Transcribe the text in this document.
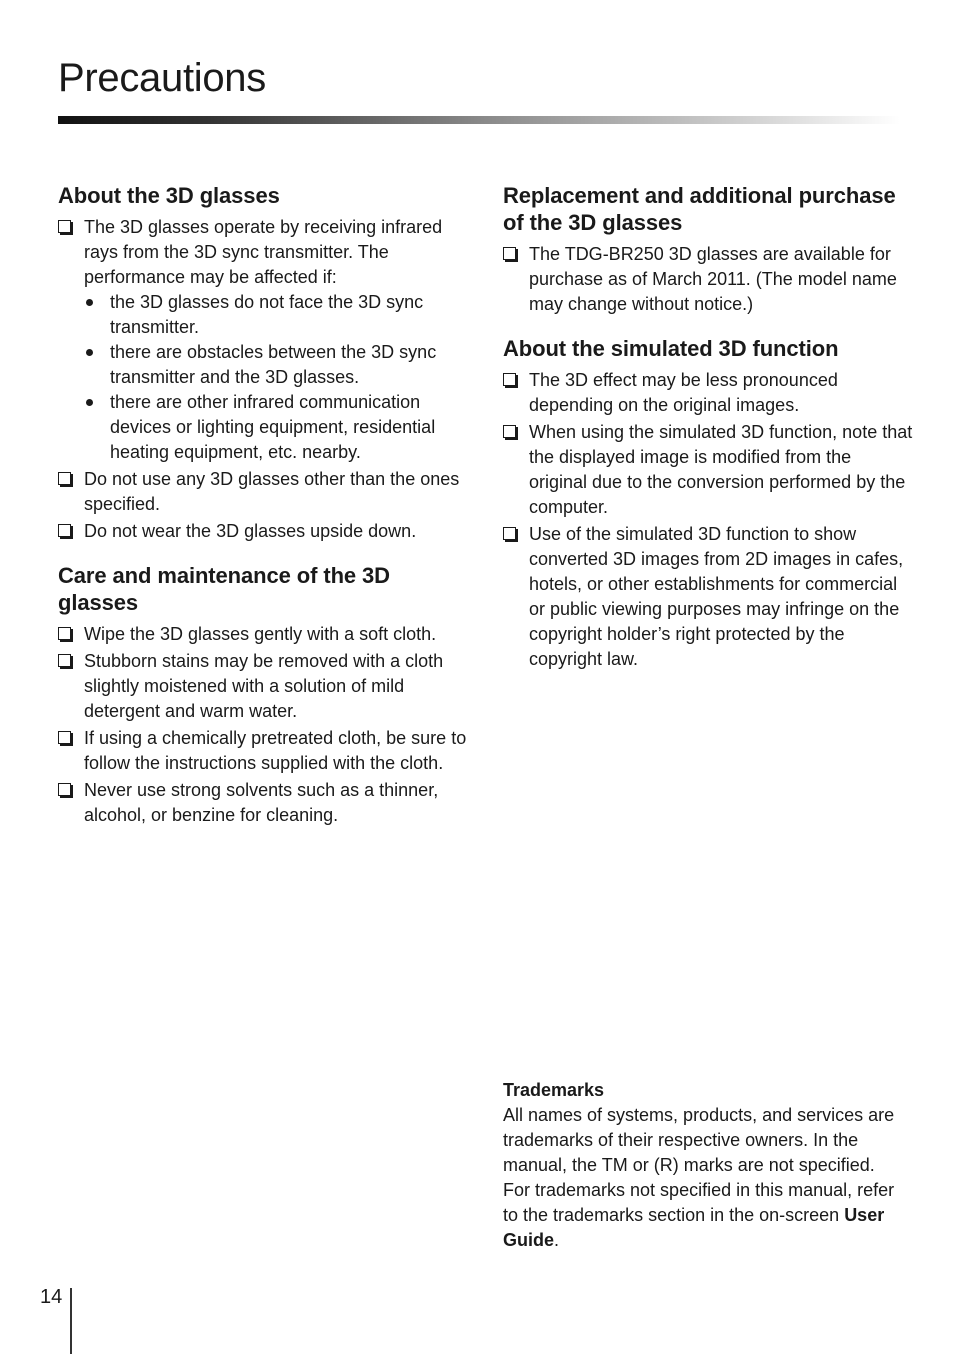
Precautions
About the 3D glasses
The 3D glasses operate by receiving infrared rays from the 3D sync transmitter. The performance may be affected if:
the 3D glasses do not face the 3D sync transmitter.
there are obstacles between the 3D sync transmitter and the 3D glasses.
there are other infrared communication devices or lighting equipment, residential heating equipment, etc. nearby.
Do not use any 3D glasses other than the ones specified.
Do not wear the 3D glasses upside down.
Care and maintenance of the 3D glasses
Wipe the 3D glasses gently with a soft cloth.
Stubborn stains may be removed with a cloth slightly moistened with a solution of mild detergent and warm water.
If using a chemically pretreated cloth, be sure to follow the instructions supplied with the cloth.
Never use strong solvents such as a thinner, alcohol, or benzine for cleaning.
Replacement and additional purchase of the 3D glasses
The TDG-BR250 3D glasses are available for purchase as of March 2011. (The model name may change without notice.)
About the simulated 3D function
The 3D effect may be less pronounced depending on the original images.
When using the simulated 3D function, note that the displayed image is modified from the original due to the conversion performed by the computer.
Use of the simulated 3D function to show converted 3D images from 2D images in cafes, hotels, or other establishments for commercial or public viewing purposes may infringe on the copyright holder’s right protected by the copyright law.
Trademarks
All names of systems, products, and services are trademarks of their respective owners. In the manual, the TM or (R) marks are not specified.
For trademarks not specified in this manual, refer to the trademarks section in the on-screen User Guide.
14
